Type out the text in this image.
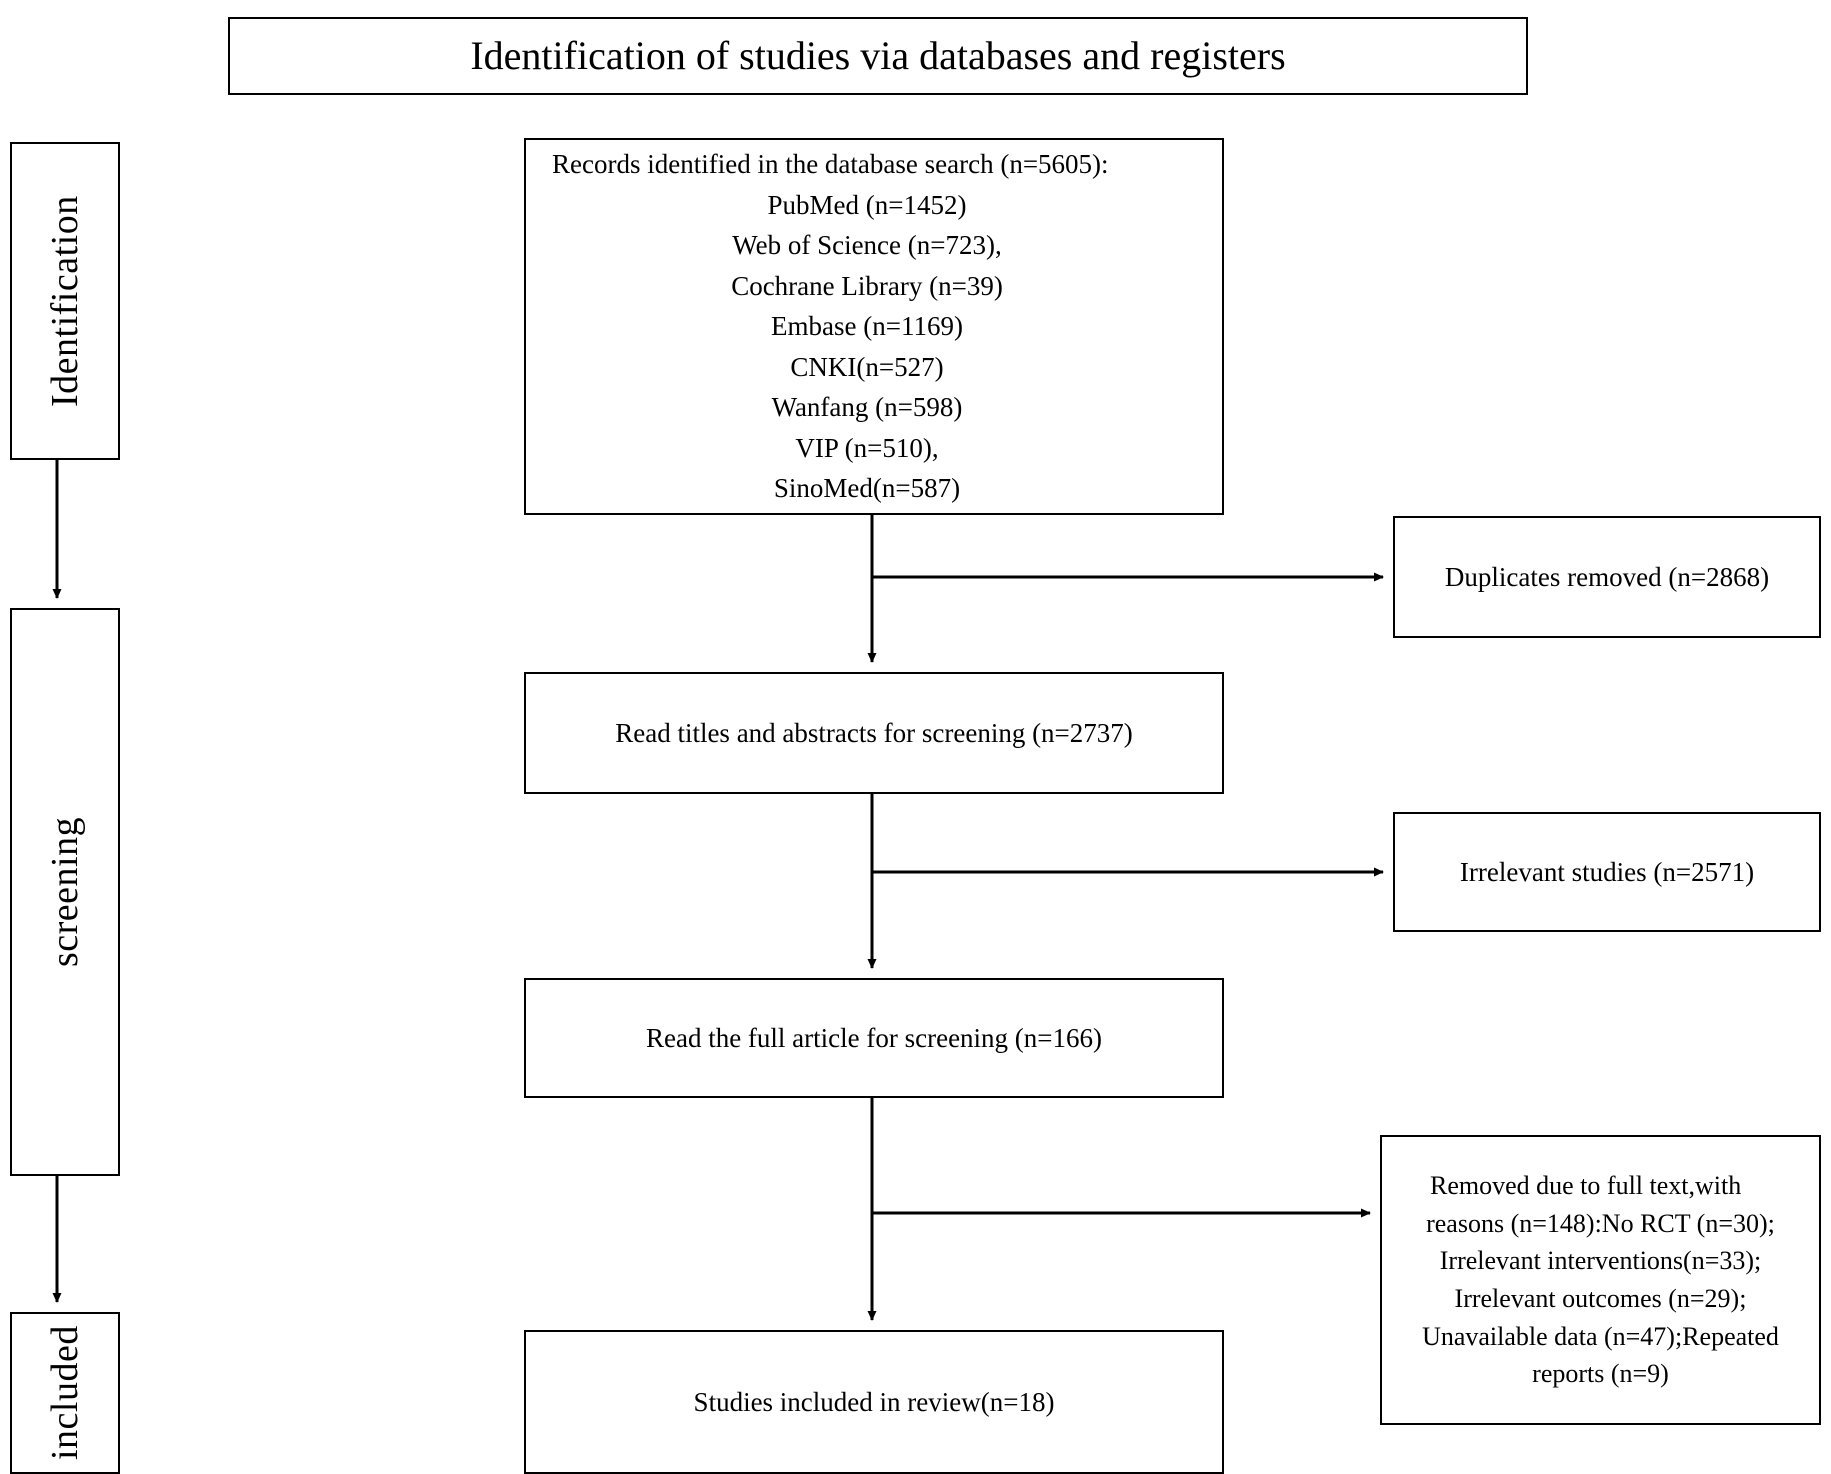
Identification of studies via databases and registers
Identification
screening
included
Records identified in the database search (n=5605):
PubMed (n=1452)
Web of Science (n=723),
Cochrane Library (n=39)
Embase (n=1169)
CNKI(n=527)
Wanfang (n=598)
VIP (n=510),
SinoMed(n=587)
Duplicates removed (n=2868)
Read titles and abstracts for screening (n=2737)
Irrelevant studies (n=2571)
Read the full article for screening (n=166)
Removed due to full text,with
reasons (n=148):No RCT (n=30);
Irrelevant interventions(n=33);
Irrelevant outcomes (n=29);
Unavailable data (n=47);Repeated
reports (n=9)
Studies included in review(n=18)
